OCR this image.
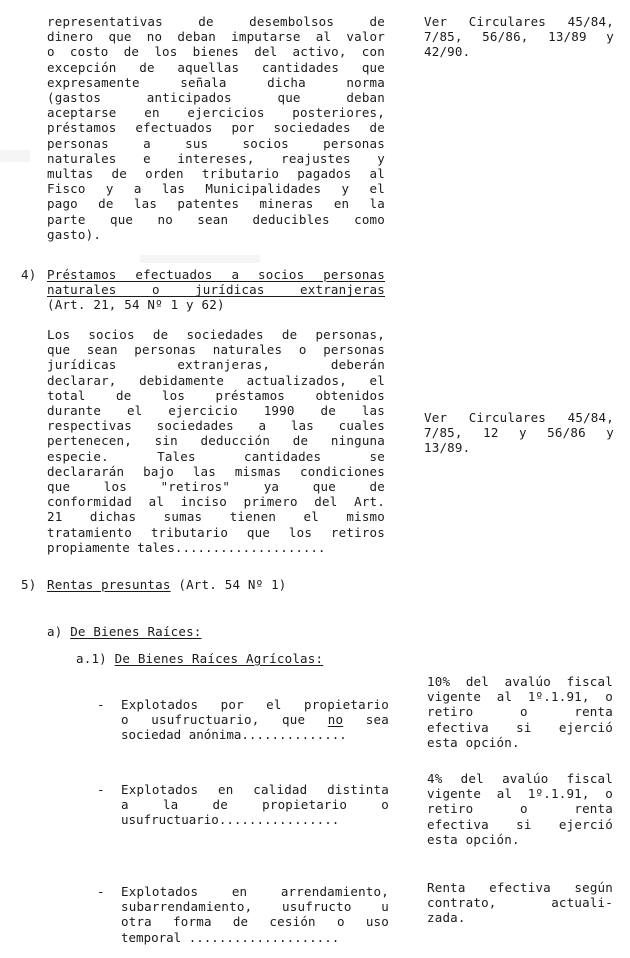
representativas de desembolsos de
dinero que no deban imputarse al valor
o costo de los bienes del activo, con
excepción de aquellas cantidades que
expresamente señala dicha norma
(gastos anticipados que deban
aceptarse en ejercicios posteriores,
préstamos efectuados por sociedades de
personas a sus socios personas
naturales e intereses, reajustes y
multas de orden tributario pagados al
Fisco y a las Municipalidades y el
pago de las patentes mineras en la
parte que no sean deducibles como
gasto).
Ver Circulares 45/84,
7/85, 56/86, 13/89 y
42/90.
4) Préstamos efectuados a socios personas
naturales o jurídicas extranjeras
(Art. 21, 54 Nº 1 y 62)
Los socios de sociedades de personas,
que sean personas naturales o personas
jurídicas extranjeras, deberán
declarar, debidamente actualizados, el
total de los préstamos obtenidos
durante el ejercicio 1990 de las
respectivas sociedades a las cuales
pertenecen, sin deducción de ninguna
especie. Tales cantidades se
declararán bajo las mismas condiciones
que los "retiros" ya que de
conformidad al inciso primero del Art.
21 dichas sumas tienen el mismo
tratamiento tributario que los retiros
propiamente tales....................
Ver Circulares 45/84,
7/85, 12 y 56/86 y
13/89.
5) Rentas presuntas (Art. 54 Nº 1)
a) De Bienes Raíces:
a.1) De Bienes Raíces Agrícolas:
- Explotados por el propietario
o usufructuario, que no sea
sociedad anónima..............
10% del avalúo fiscal
vigente al 1º.1.91, o
retiro o renta
efectiva si ejerció
esta opción.
- Explotados en calidad distinta
a la de propietario o
usufructuario................
4% del avalúo fiscal
vigente al 1º.1.91, o
retiro o renta
efectiva si ejerció
esta opción.
- Explotados en arrendamiento,
subarrendamiento, usufructo u
otra forma de cesión o uso
temporal ....................
Renta efectiva según
contrato, actuali-
zada.
